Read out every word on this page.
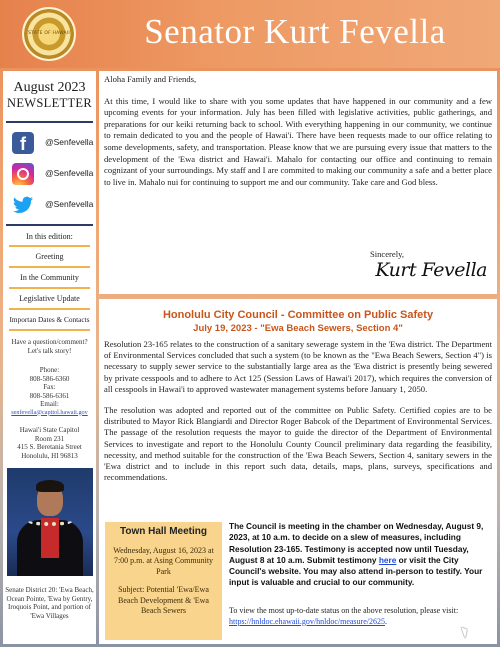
STATE OF HAWAII	Senator Kurt Fevella
August 2023
NEWSLETTER
f	@Senfevella
@Senfevella
@Senfevella
In this edition:
Greeting
In the Community
Legislative Update
Importan Dates & Contacts
Have a question/comment? Let's talk story!
Phone:
808-586-6360
Fax:
808-586-6361
Email:
senfevella@capitol.hawaii.gov
Hawai'i State Capitol
Room 231
415 S. Beretania Street
Honolulu, HI 96813
Senate District 20: 'Ewa Beach, Ocean Pointe, 'Ewa by Gentry, Iroquois Point, and portion of 'Ewa Villages

Aloha Family and Friends,

At this time, I would like to share with you some updates that have happened in our community and a few upcoming events for your information. July has been filled with legislative activities, public gatherings, and preparations for our keiki returning back to school. With everything happening in our community, we continue to remain dedicated to you and the people of Hawai'i. There have been requests made to our office relating to some developments, safety, and transportation. Please know that we are pursuing every issue that matters to the development of the 'Ewa district and Hawai'i. Mahalo for contacting our office and continuing to remain cognizant of your surroundings. My staff and I are commited to making our community a safe and a better place to live in. Mahalo nui for continuing to support me and our community. Take care and God bless.

Sincerely,
Kurt Fevella
Honolulu City Council - Committee on Public Safety
July 19, 2023 - "Ewa Beach Sewers, Section 4"

Resolution 23-165 relates to the construction of a sanitary sewerage system in the 'Ewa district. The Department of Environmental Services concluded that such a system (to be known as the "Ewa Beach Sewers, Section 4") is necessary to supply sewer service to the substantially large area as the 'Ewa district is presently being sewered by private cesspools and to adhere to Act 125 (Session Laws of Hawai'i 2017), which requires the conversion of all cesspools in Hawai'i to approved wastewater management systems before January 1, 2050.

The resolution was adopted and reported out of the committee on Public Safety. Certified copies are to be distributed to Mayor Rick Blangiardi and Director Roger Babcok of the Department of Environmental Services. The passage of the resolution requests the mayor to guide the director of the Department of Environmental Services to investigate and report to the Honolulu County Council preliminary data regarding the feasibility, necessity, and method suitable for the construction of the 'Ewa Beach Sewers, Section 4, sanitary sewers in the 'Ewa district and to include in this report such data, details, maps, plans, surveys, specifications and recommendations.

Town Hall Meeting
Wednesday, August 16, 2023 at 7:00 p.m. at Asing Community Park
Subject: Potential 'Ewa/Ewa Beach Development & 'Ewa Beach Sewers
The Council is meeting in the chamber on Wednesday, August 9, 2023, at 10 a.m. to decide on a slew of measures, including Resolution 23-165. Testimony is accepted now until Tuesday, August 8 at 10 a.m. Submit testimony here or visit the City Council's website. You may also attend in-person to testify. Your input is valuable and crucial to our community.
To view the most up-to-date status on the above resolution, please visit: https://hnldoc.ehawaii.gov/hnldoc/measure/2625.
